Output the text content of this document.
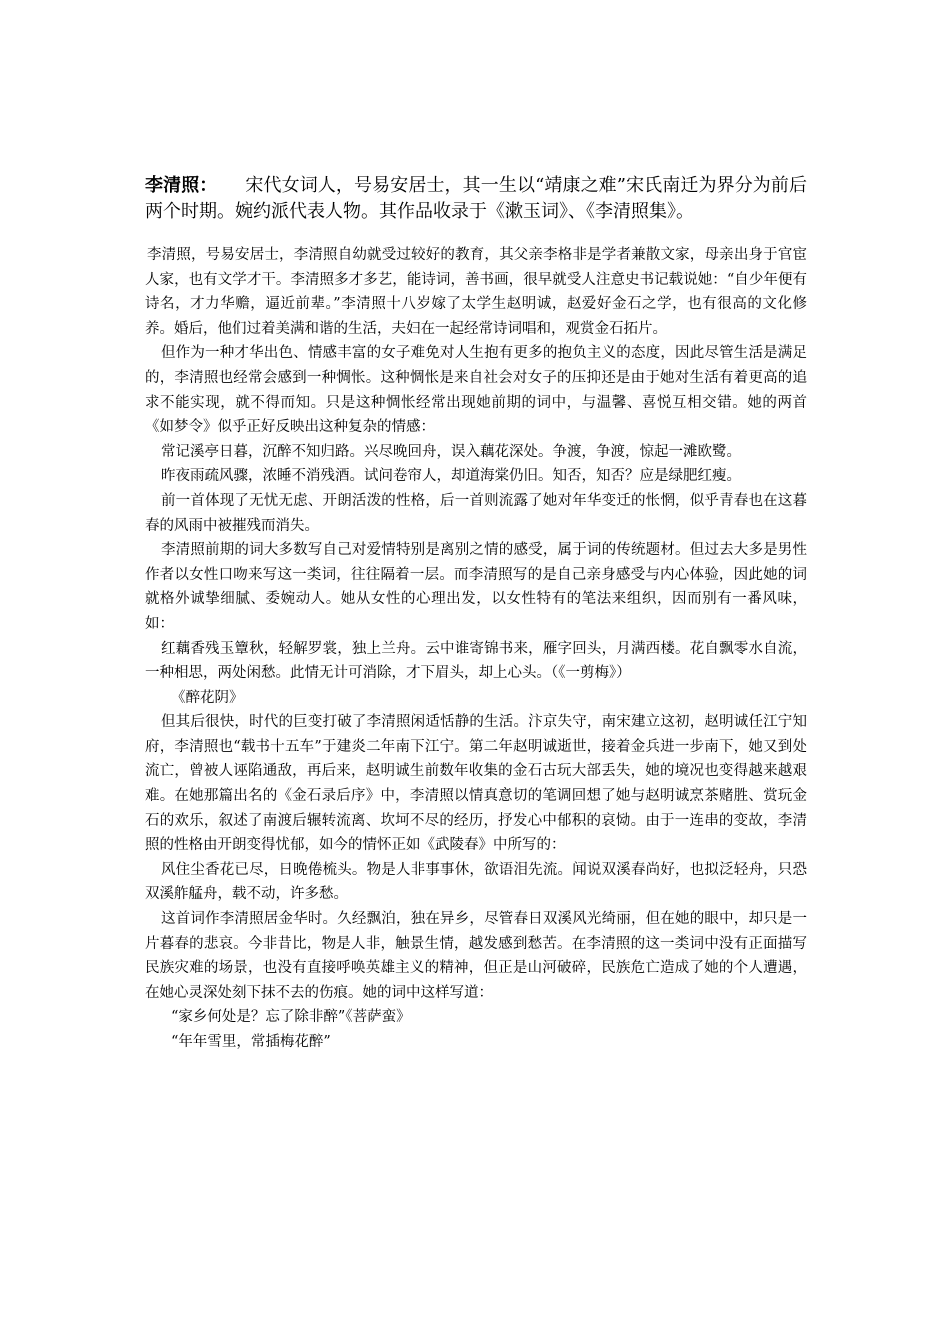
李清照： 宋代女词人，号易安居士，其一生以“靖康之难”宋氏南迁为界分为前后两个时期。婉约派代表人物。其作品收录于《漱玉词》、《李清照集》。

李清照，号易安居士，李清照自幼就受过较好的教育，其父亲李格非是学者兼散文家，母亲出身于官宦人家，也有文学才干。李清照多才多艺，能诗词，善书画，很早就受人注意史书记载说她：“自少年便有诗名，才力华赡，逼近前辈。”李清照十八岁嫁了太学生赵明诚，赵爱好金石之学，也有很高的文化修养。婚后，他们过着美满和谐的生活，夫妇在一起经常诗词唱和，观赏金石拓片。

但作为一种才华出色、情感丰富的女子难免对人生抱有更多的抱负主义的态度，因此尽管生活是满足的，李清照也经常会感到一种惆怅。这种惆怅是来自社会对女子的压抑还是由于她对生活有着更高的追求不能实现，就不得而知。只是这种惆怅经常出现她前期的词中，与温馨、喜悦互相交错。她的两首《如梦令》似乎正好反映出这种复杂的情感：

常记溪亭日暮，沉醉不知归路。兴尽晚回舟，误入藕花深处。争渡，争渡，惊起一滩欧鹭。

昨夜雨疏风骤，浓睡不消残酒。试问卷帘人，却道海棠仍旧。知否，知否？应是绿肥红瘦。

前一首体现了无忧无虑、开朗活泼的性格，后一首则流露了她对年华变迁的怅惘，似乎青春也在这暮春的风雨中被摧残而消失。

李清照前期的词大多数写自己对爱情特别是离别之情的感受，属于词的传统题材。但过去大多是男性作者以女性口吻来写这一类词，往往隔着一层。而李清照写的是自己亲身感受与内心体验，因此她的词就格外诚挚细腻、委婉动人。她从女性的心理出发，以女性特有的笔法来组织，因而别有一番风味，如：

红藕香残玉簟秋，轻解罗裳，独上兰舟。云中谁寄锦书来，雁字回头，月满西楼。花自飘零水自流，一种相思，两处闲愁。此情无计可消除，才下眉头，却上心头。（《一剪梅》）

《醉花阴》

但其后很快，时代的巨变打破了李清照闲适恬静的生活。汴京失守，南宋建立这初，赵明诚任江宁知府，李清照也“载书十五车”于建炎二年南下江宁。第二年赵明诚逝世，接着金兵进一步南下，她又到处流亡，曾被人诬陷通敌，再后来，赵明诚生前数年收集的金石古玩大部丢失，她的境况也变得越来越艰难。在她那篇出名的《金石录后序》中，李清照以情真意切的笔调回想了她与赵明诚烹茶赌胜、赏玩金石的欢乐，叙述了南渡后辗转流离、坎坷不尽的经历，抒发心中郁积的哀恸。由于一连串的变故，李清照的性格由开朗变得忧郁，如今的情怀正如《武陵春》中所写的：

风住尘香花已尽，日晚倦梳头。物是人非事事休，欲语泪先流。闻说双溪春尚好，也拟泛轻舟，只恐双溪舴艋舟，载不动，许多愁。

这首词作李清照居金华时。久经飘泊，独在异乡，尽管春日双溪风光绮丽，但在她的眼中，却只是一片暮春的悲哀。今非昔比，物是人非，触景生情，越发感到愁苦。在李清照的这一类词中没有正面描写民族灾难的场景，也没有直接呼唤英雄主义的精神，但正是山河破碎，民族危亡造成了她的个人遭遇，在她心灵深处刻下抹不去的伤痕。她的词中这样写道：

“家乡何处是？忘了除非醉”《菩萨蛮》

“年年雪里，常插梅花醉”
